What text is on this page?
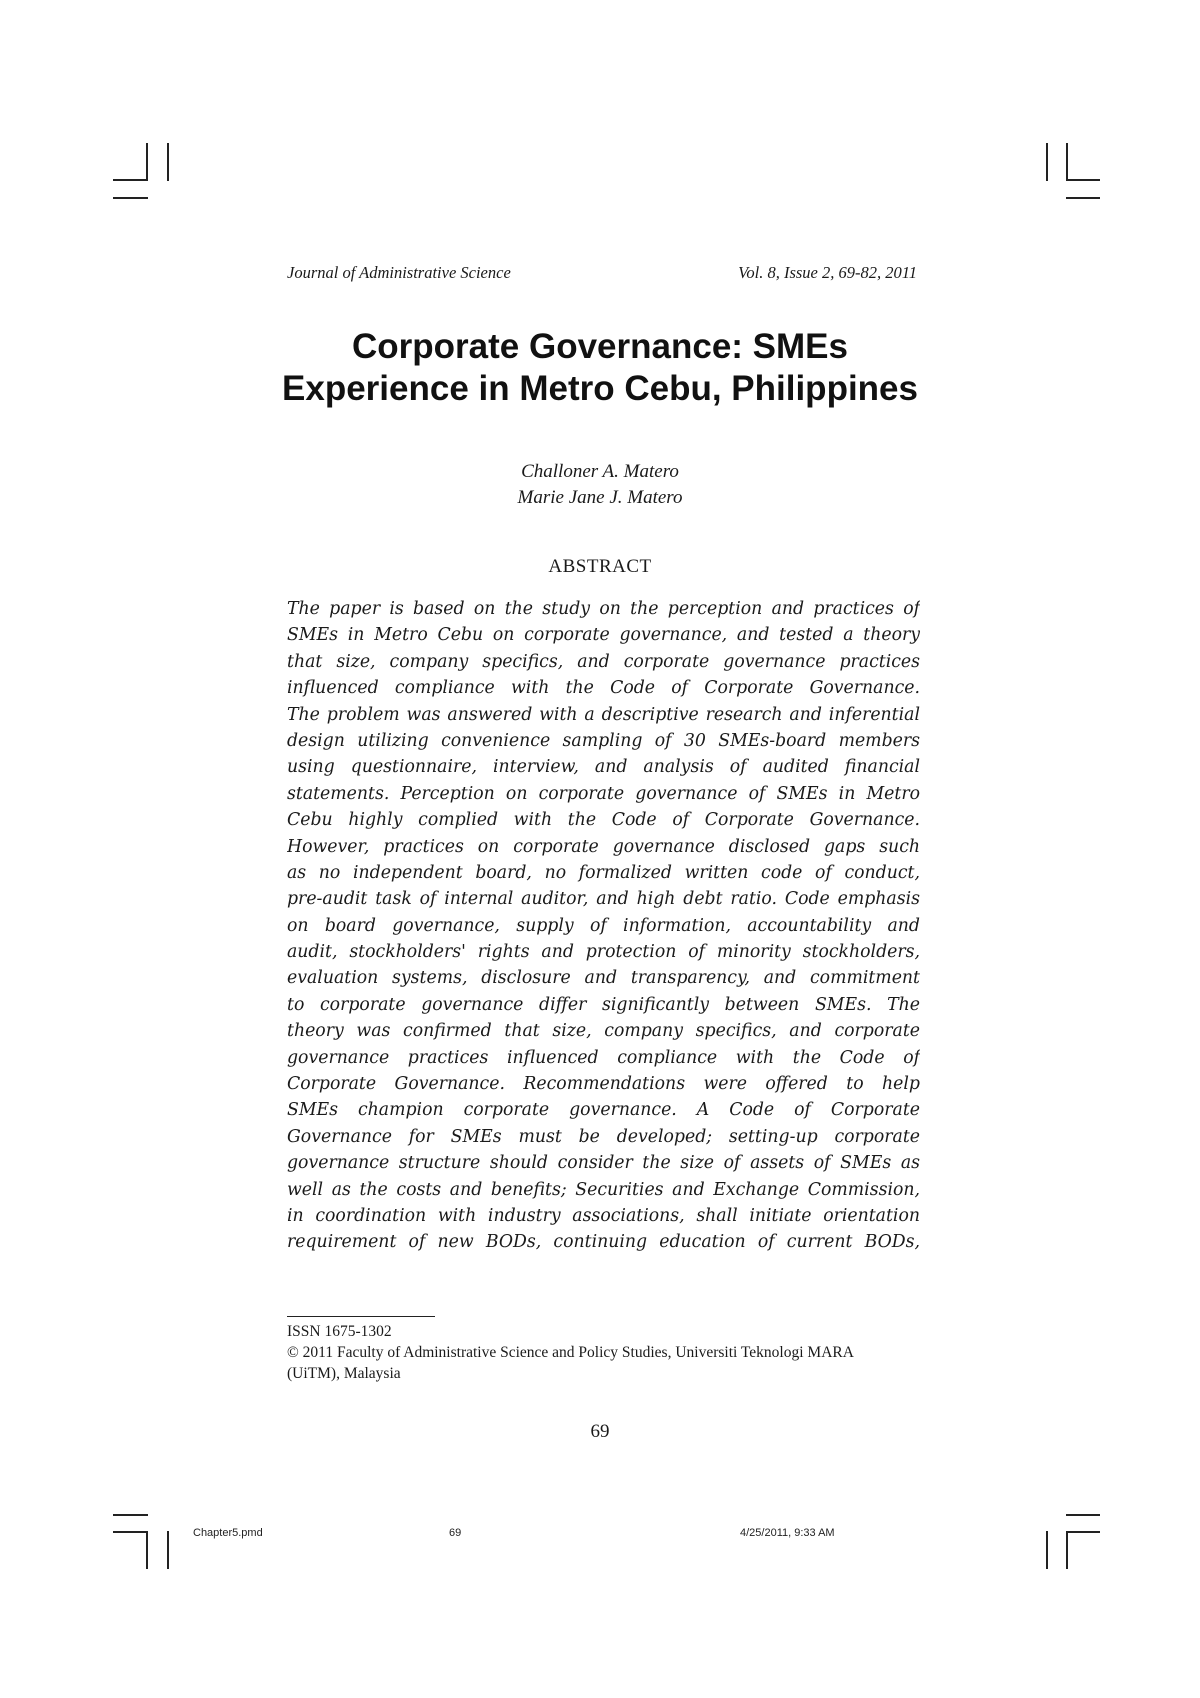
Journal of Administrative Science	Vol. 8, Issue 2, 69-82, 2011
Corporate Governance: SMEs
Experience in Metro Cebu, Philippines
Challoner A. Matero
Marie Jane J. Matero
ABSTRACT
The paper is based on the study on the perception and practices of
SMEs in Metro Cebu on corporate governance, and tested a theory
that size, company specifics, and corporate governance practices
influenced compliance with the Code of Corporate Governance.
The problem was answered with a descriptive research and inferential
design utilizing convenience sampling of 30 SMEs-board members
using questionnaire, interview, and analysis of audited financial
statements. Perception on corporate governance of SMEs in Metro
Cebu highly complied with the Code of Corporate Governance.
However, practices on corporate governance disclosed gaps such
as no independent board, no formalized written code of conduct,
pre-audit task of internal auditor, and high debt ratio. Code emphasis
on board governance, supply of information, accountability and
audit, stockholders' rights and protection of minority stockholders,
evaluation systems, disclosure and transparency, and commitment
to corporate governance differ significantly between SMEs. The
theory was confirmed that size, company specifics, and corporate
governance practices influenced compliance with the Code of
Corporate Governance. Recommendations were offered to help
SMEs champion corporate governance. A Code of Corporate
Governance for SMEs must be developed; setting-up corporate
governance structure should consider the size of assets of SMEs as
well as the costs and benefits; Securities and Exchange Commission,
in coordination with industry associations, shall initiate orientation
requirement of new BODs, continuing education of current BODs,
ISSN 1675-1302
© 2011 Faculty of Administrative Science and Policy Studies, Universiti Teknologi MARA
(UiTM), Malaysia
69
Chapter5.pmd	69	4/25/2011, 9:33 AM
